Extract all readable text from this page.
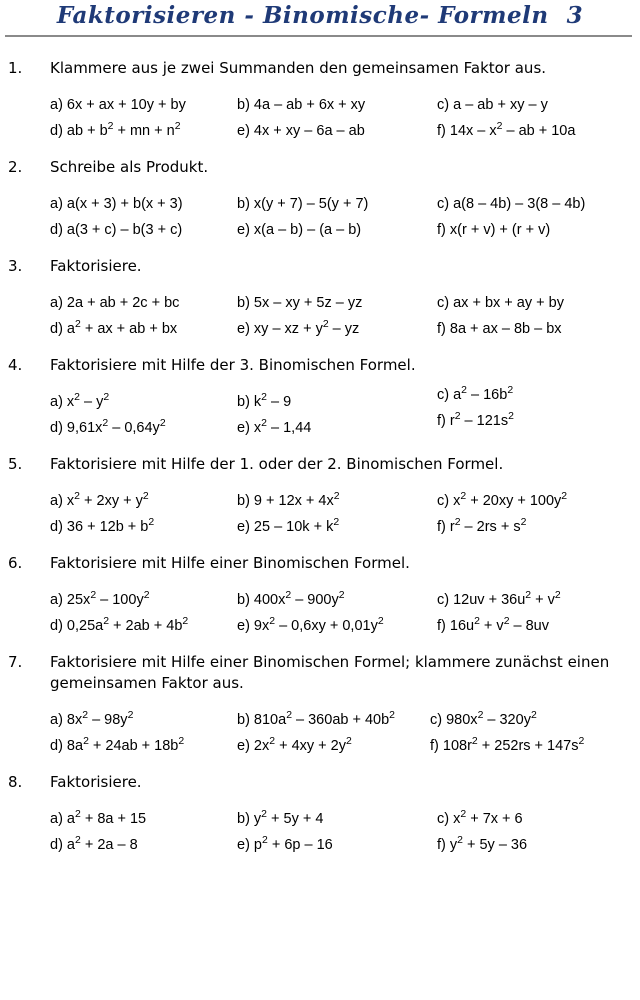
Faktorisieren - Binomische- Formeln 3
1. Klammere aus je zwei Summanden den gemeinsamen Faktor aus.
a) 6x + ax + 10y + by	b) 4a – ab + 6x + xy	c) a – ab + xy – y
d) ab + $b^2$ + mn + $n^2$	e) 4x + xy – 6a – ab	f) $14x - x^2$ – ab + 10a
2. Schreibe als Produkt.
a) a(x + 3) + b(x + 3)	b) x(y + 7) – 5(y + 7)	c) a(8 – 4b) – 3(8 – 4b)
d) a(3 + c) – b(3 + c)	e) x(a – b) – (a – b)	f) x(r + v) + (r + v)
3. Faktorisiere.
a) 2a + ab + 2c + bc	b) 5x – xy + 5z – yz	c) ax + bx + ay + by
d) $a^2$ + ax + ab + bx	e) xy – xz + $y^2$ – yz	f) 8a + ax – 8b – bx
4. Faktorisiere mit Hilfe der 3. Binomischen Formel.
a) $x^2 - y^2$	b) $k^2 - 9$	c) $a^2 - 16b^2$
d) $9,61x^2 - 0,64y^2$	e) $x^2 - 1,44$	f) $r^2 - 121s^2$
5. Faktorisiere mit Hilfe der 1. oder der 2. Binomischen Formel.
a) $x^2 + 2xy + y^2$	b) $9 + 12x + 4x^2$	c) $x^2 + 20xy + 100y^2$
d) $36 + 12b + b^2$	e) $25 - 10k + k^2$	f) $r^2 - 2rs + s^2$
6. Faktorisiere mit Hilfe einer Binomischen Formel.
a) $25x^2 - 100y^2$	b) $400x^2 - 900y^2$	c) $12uv + 36u^2 + v^2$
d) $0,25a^2 + 2ab + 4b^2$	e) $9x^2 - 0,6xy + 0,01y^2$	f) $16u^2 + v^2 - 8uv$
7. Faktorisiere mit Hilfe einer Binomischen Formel; klammere zunächst einen gemeinsamen Faktor aus.
a) $8x^2 - 98y^2$	b) $810a^2 - 360ab + 40b^2$ c) $980x^2 - 320y^2$
d) $8a^2 + 24ab + 18b^2$	e) $2x^2 + 4xy + 2y^2$	f) $108r^2 + 252rs + 147s^2$
8. Faktorisiere.
a) $a^2 + 8a + 15$	b) $y^2 + 5y + 4$	c) $x^2 + 7x + 6$
d) $a^2 + 2a - 8$	e) $p^2 + 6p - 16$	f) $y^2 + 5y - 36$
